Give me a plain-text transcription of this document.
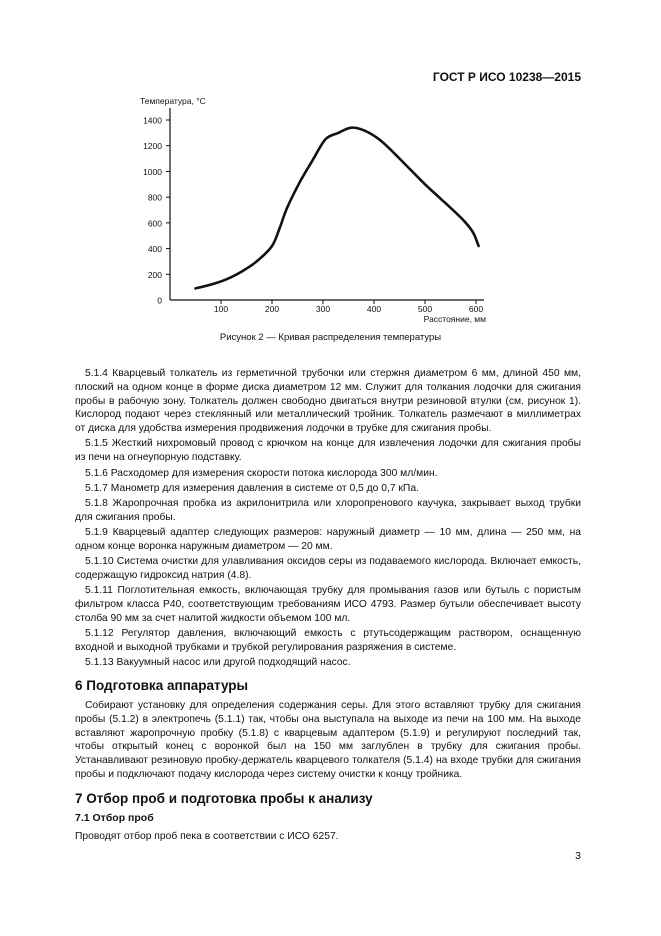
ГОСТ Р ИСО 10238—2015
0
200
400
600
800
1000
1200
1400
100	200	300	400	500	600
Температура, °С
Расстояние, мм
Рисунок 2 — Кривая распределения температуры
5.1.4 Кварцевый толкатель из герметичной трубочки или стержня диаметром 6 мм, длиной 450 мм, плоский на одном конце в форме диска диаметром 12 мм. Служит для толкания лодочки для сжигания пробы в рабочую зону. Толкатель должен свободно двигаться внутри резиновой втулки (см. рисунок 1). Кислород подают через стеклянный или металлический тройник. Толкатель размечают в миллиметрах от диска для удобства измерения продвижения лодочки в трубке для сжигания пробы.
5.1.5 Жесткий нихромовый провод с крючком на конце для извлечения лодочки для сжигания пробы из печи на огнеупорную подставку.
5.1.6 Расходомер для измерения скорости потока кислорода 300 мл/мин.
5.1.7 Манометр для измерения давления в системе от 0,5 до 0,7 кПа.
5.1.8 Жаропрочная пробка из акрилонитрила или хлоропренового каучука, закрывает выход трубки для сжигания пробы.
5.1.9 Кварцевый адаптер следующих размеров: наружный диаметр — 10 мм, длина — 250 мм, на одном конце воронка наружным диаметром — 20 мм.
5.1.10 Система очистки для улавливания оксидов серы из подаваемого кислорода. Включает емкость, содержащую гидроксид натрия (4.8).
5.1.11 Поглотительная емкость, включающая трубку для промывания газов или бутыль с пористым фильтром класса Р40, соответствующим требованиям ИСО 4793. Размер бутыли обеспечивает высоту столба 90 мм за счет налитой жидкости объемом 100 мл.
5.1.12 Регулятор давления, включающий емкость с ртутьсодержащим раствором, оснащенную входной и выходной трубками и трубкой регулирования разряжения в системе.
5.1.13 Вакуумный насос или другой подходящий насос.
6 Подготовка аппаратуры
Собирают установку для определения содержания серы. Для этого вставляют трубку для сжигания пробы (5.1.2) в электропечь (5.1.1) так, чтобы она выступала на выходе из печи на 100 мм. На выходе вставляют жаропрочную пробку (5.1.8) с кварцевым адаптером (5.1.9) и регулируют последний так, чтобы открытый конец с воронкой был на 150 мм заглублен в трубку для сжигания пробы. Устанавливают резиновую пробку-держатель кварцевого толкателя (5.1.4) на входе трубки для сжигания пробы и подключают подачу кислорода через систему очистки к концу тройника.
7 Отбор проб и подготовка пробы к анализу
7.1 Отбор проб
Проводят отбор проб пека в соответствии с ИСО 6257.
3
